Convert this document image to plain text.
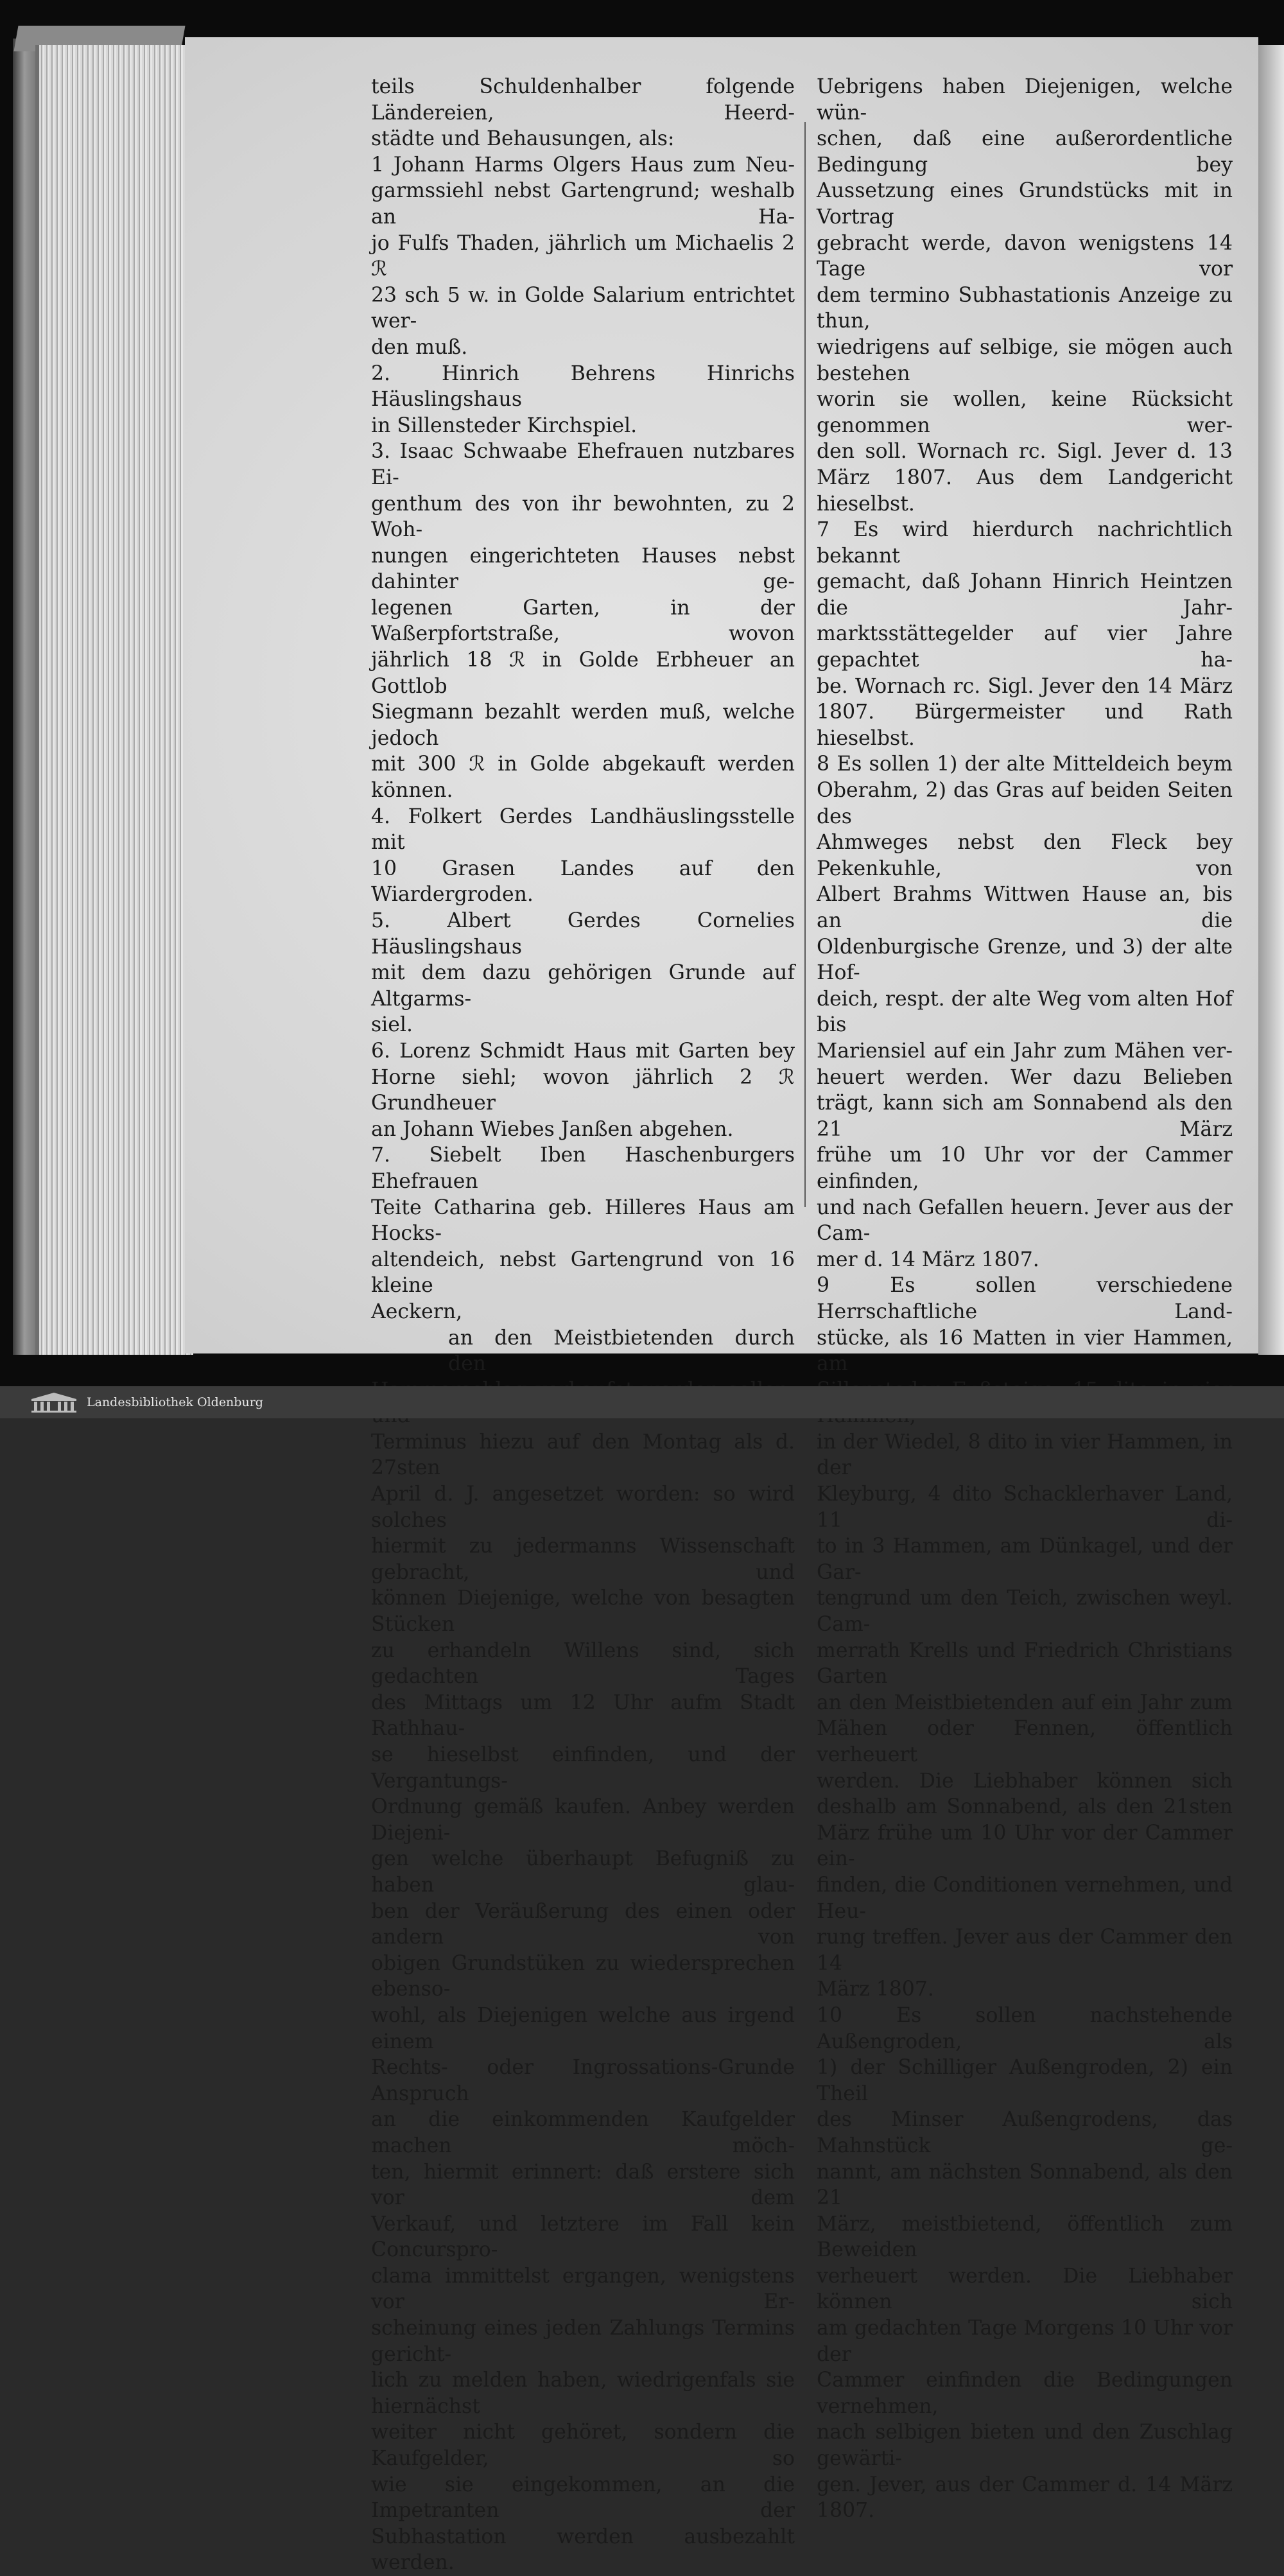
teils Schuldenhalber folgende Ländereien, Heerd-

städte und Behausungen, als:

1 Johann Harms Olgers Haus zum Neu-

garmssiehl nebst Gartengrund; weshalb an Ha-

jo Fulfs Thaden, jährlich um Michaelis 2 ℛ

23 sch 5 w. in Golde Salarium entrichtet wer-

den muß.

2. Hinrich Behrens Hinrichs Häuslingshaus

in Sillensteder Kirchspiel.

3. Isaac Schwaabe Ehefrauen nutzbares Ei-

genthum des von ihr bewohnten, zu 2 Woh-

nungen eingerichteten Hauses nebst dahinter ge-

legenen Garten, in der Waßerpfortstraße, wovon

jährlich 18 ℛ in Golde Erbheuer an Gottlob

Siegmann bezahlt werden muß, welche jedoch

mit 300 ℛ in Golde abgekauft werden können.

4. Folkert Gerdes Landhäuslingsstelle mit

10 Grasen Landes auf den Wiardergroden.

5. Albert Gerdes Cornelies Häuslingshaus

mit dem dazu gehörigen Grunde auf Altgarms-

siel.

6. Lorenz Schmidt Haus mit Garten bey

Horne siehl; wovon jährlich 2 ℛ Grundheuer

an Johann Wiebes Janßen abgehen.

7. Siebelt Iben Haschenburgers Ehefrauen

Teite Catharina geb. Hilleres Haus am Hocks-

altendeich, nebst Gartengrund von 16 kleine

Aeckern,

an den Meistbietenden durch den

Terminus hiezu auf den Montag als d. 27sten

April d. J. angesetzet worden: so wird solches

hiermit zu jedermanns Wissenschaft gebracht, und

können Diejenige, welche von besagten Stücken

zu erhandeln Willens sind, sich gedachten Tages

des Mittags um 12 Uhr aufm Stadt Rathhau-

se hieselbst einfinden, und der Vergantungs-

Ordnung gemäß kaufen. Anbey werden Diejeni-

gen welche überhaupt Befugniß zu haben glau-

ben der Veräußerung des einen oder andern von

obigen Grundstüken zu wiedersprechen ebenso-

wohl, als Diejenigen welche aus irgend einem

Rechts- oder Ingrossations-Grunde Anspruch

an die einkommenden Kaufgelder machen möch-

ten, hiermit erinnert: daß erstere sich vor dem

Verkauf, und letztere im Fall kein Concurspro-

clama immittelst ergangen, wenigstens vor Er-

scheinung eines jeden Zahlungs Termins gericht-

lich zu melden haben, wiedrigenfals sie hiernächst

weiter nicht gehöret, sondern die Kaufgelder, so

wie sie eingekommen, an die Impetranten der

Subhastation werden ausbezahlt werden.

Uebrigens haben Diejenigen, welche wün-

schen, daß eine außerordentliche Bedingung bey

Aussetzung eines Grundstücks mit in Vortrag

gebracht werde, davon wenigstens 14 Tage vor

dem termino Subhastationis Anzeige zu thun,

wiedrigens auf selbige, sie mögen auch bestehen

worin sie wollen, keine Rücksicht genommen wer-

den soll. Wornach rc. Sigl. Jever d. 13

März 1807. Aus dem Landgericht hieselbst.

7 Es wird hierdurch nachrichtlich bekannt

gemacht, daß Johann Hinrich Heintzen die Jahr-

marktsstättegelder auf vier Jahre gepachtet ha-

be. Wornach rc. Sigl. Jever den 14 März

1807. Bürgermeister und Rath hieselbst.

8 Es sollen 1) der alte Mitteldeich beym

Oberahm, 2) das Gras auf beiden Seiten des

Ahmweges nebst den Fleck bey Pekenkuhle, von

Albert Brahms Wittwen Hause an, bis an die

Oldenburgische Grenze, und 3) der alte Hof-

deich, respt. der alte Weg vom alten Hof bis

Mariensiel auf ein Jahr zum Mähen ver-

heuert werden. Wer dazu Belieben

trägt, kann sich am Sonnabend als den 21 März

frühe um 10 Uhr vor der Cammer einfinden,

und nach Gefallen heuern. Jever aus der Cam-

mer d. 14 März 1807.

9 Es sollen verschiedene Herrschaftliche Land-

stücke, als 16 Matten in vier Hammen, am

in der Wiedel, 8 dito in vier Hammen, in der

Kleyburg, 4 dito Schacklerhaver Land, 11 di-

to in 3 Hammen, am Dünkagel, und der Gar-

tengrund um den Teich, zwischen weyl. Cam-

merrath Krells und Friedrich Christians Garten

an den Meistbietenden auf ein Jahr zum

Mähen oder Fennen, öffentlich verheuert

werden. Die Liebhaber können sich

deshalb am Sonnabend, als den 21sten

März frühe um 10 Uhr vor der Cammer ein-

finden, die Conditionen vernehmen, und Heu-

rung treffen. Jever aus der Cammer den 14

März 1807.

10 Es sollen nachstehende Außengroden, als

1) der Schilliger Außengroden, 2) ein Theil

des Minser Außengrodens, das Mahnstück ge-

nannt, am nächsten Sonnabend, als den 21

März, meistbietend, öffentlich zum Beweiden

verheuert werden. Die Liebhaber können sich

am gedachten Tage Morgens 10 Uhr vor der

Cammer einfinden die Bedingungen vernehmen,

nach selbigen bieten und den Zuschlag gewärti-

gen. Jever, aus der Cammer d. 14 März 1807.

Landesbibliothek Oldenburg
